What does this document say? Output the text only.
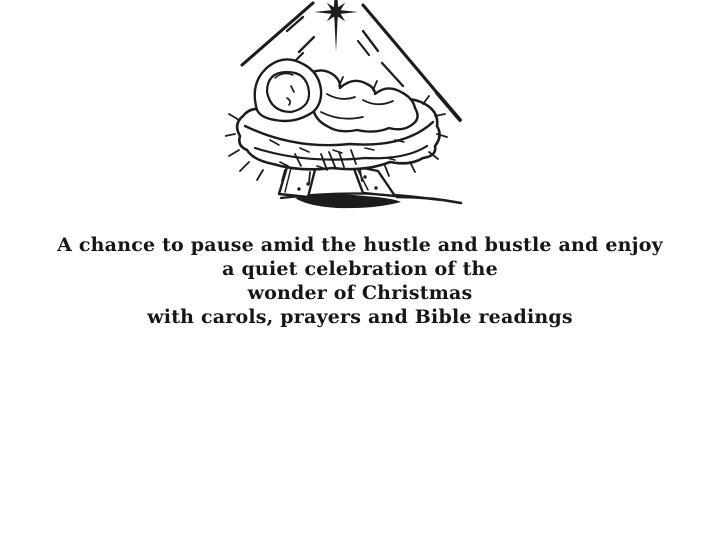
A chance to pause amid the hustle and bustle and enjoy
a quiet celebration of the
wonder of Christmas
with carols, prayers and Bible readings
